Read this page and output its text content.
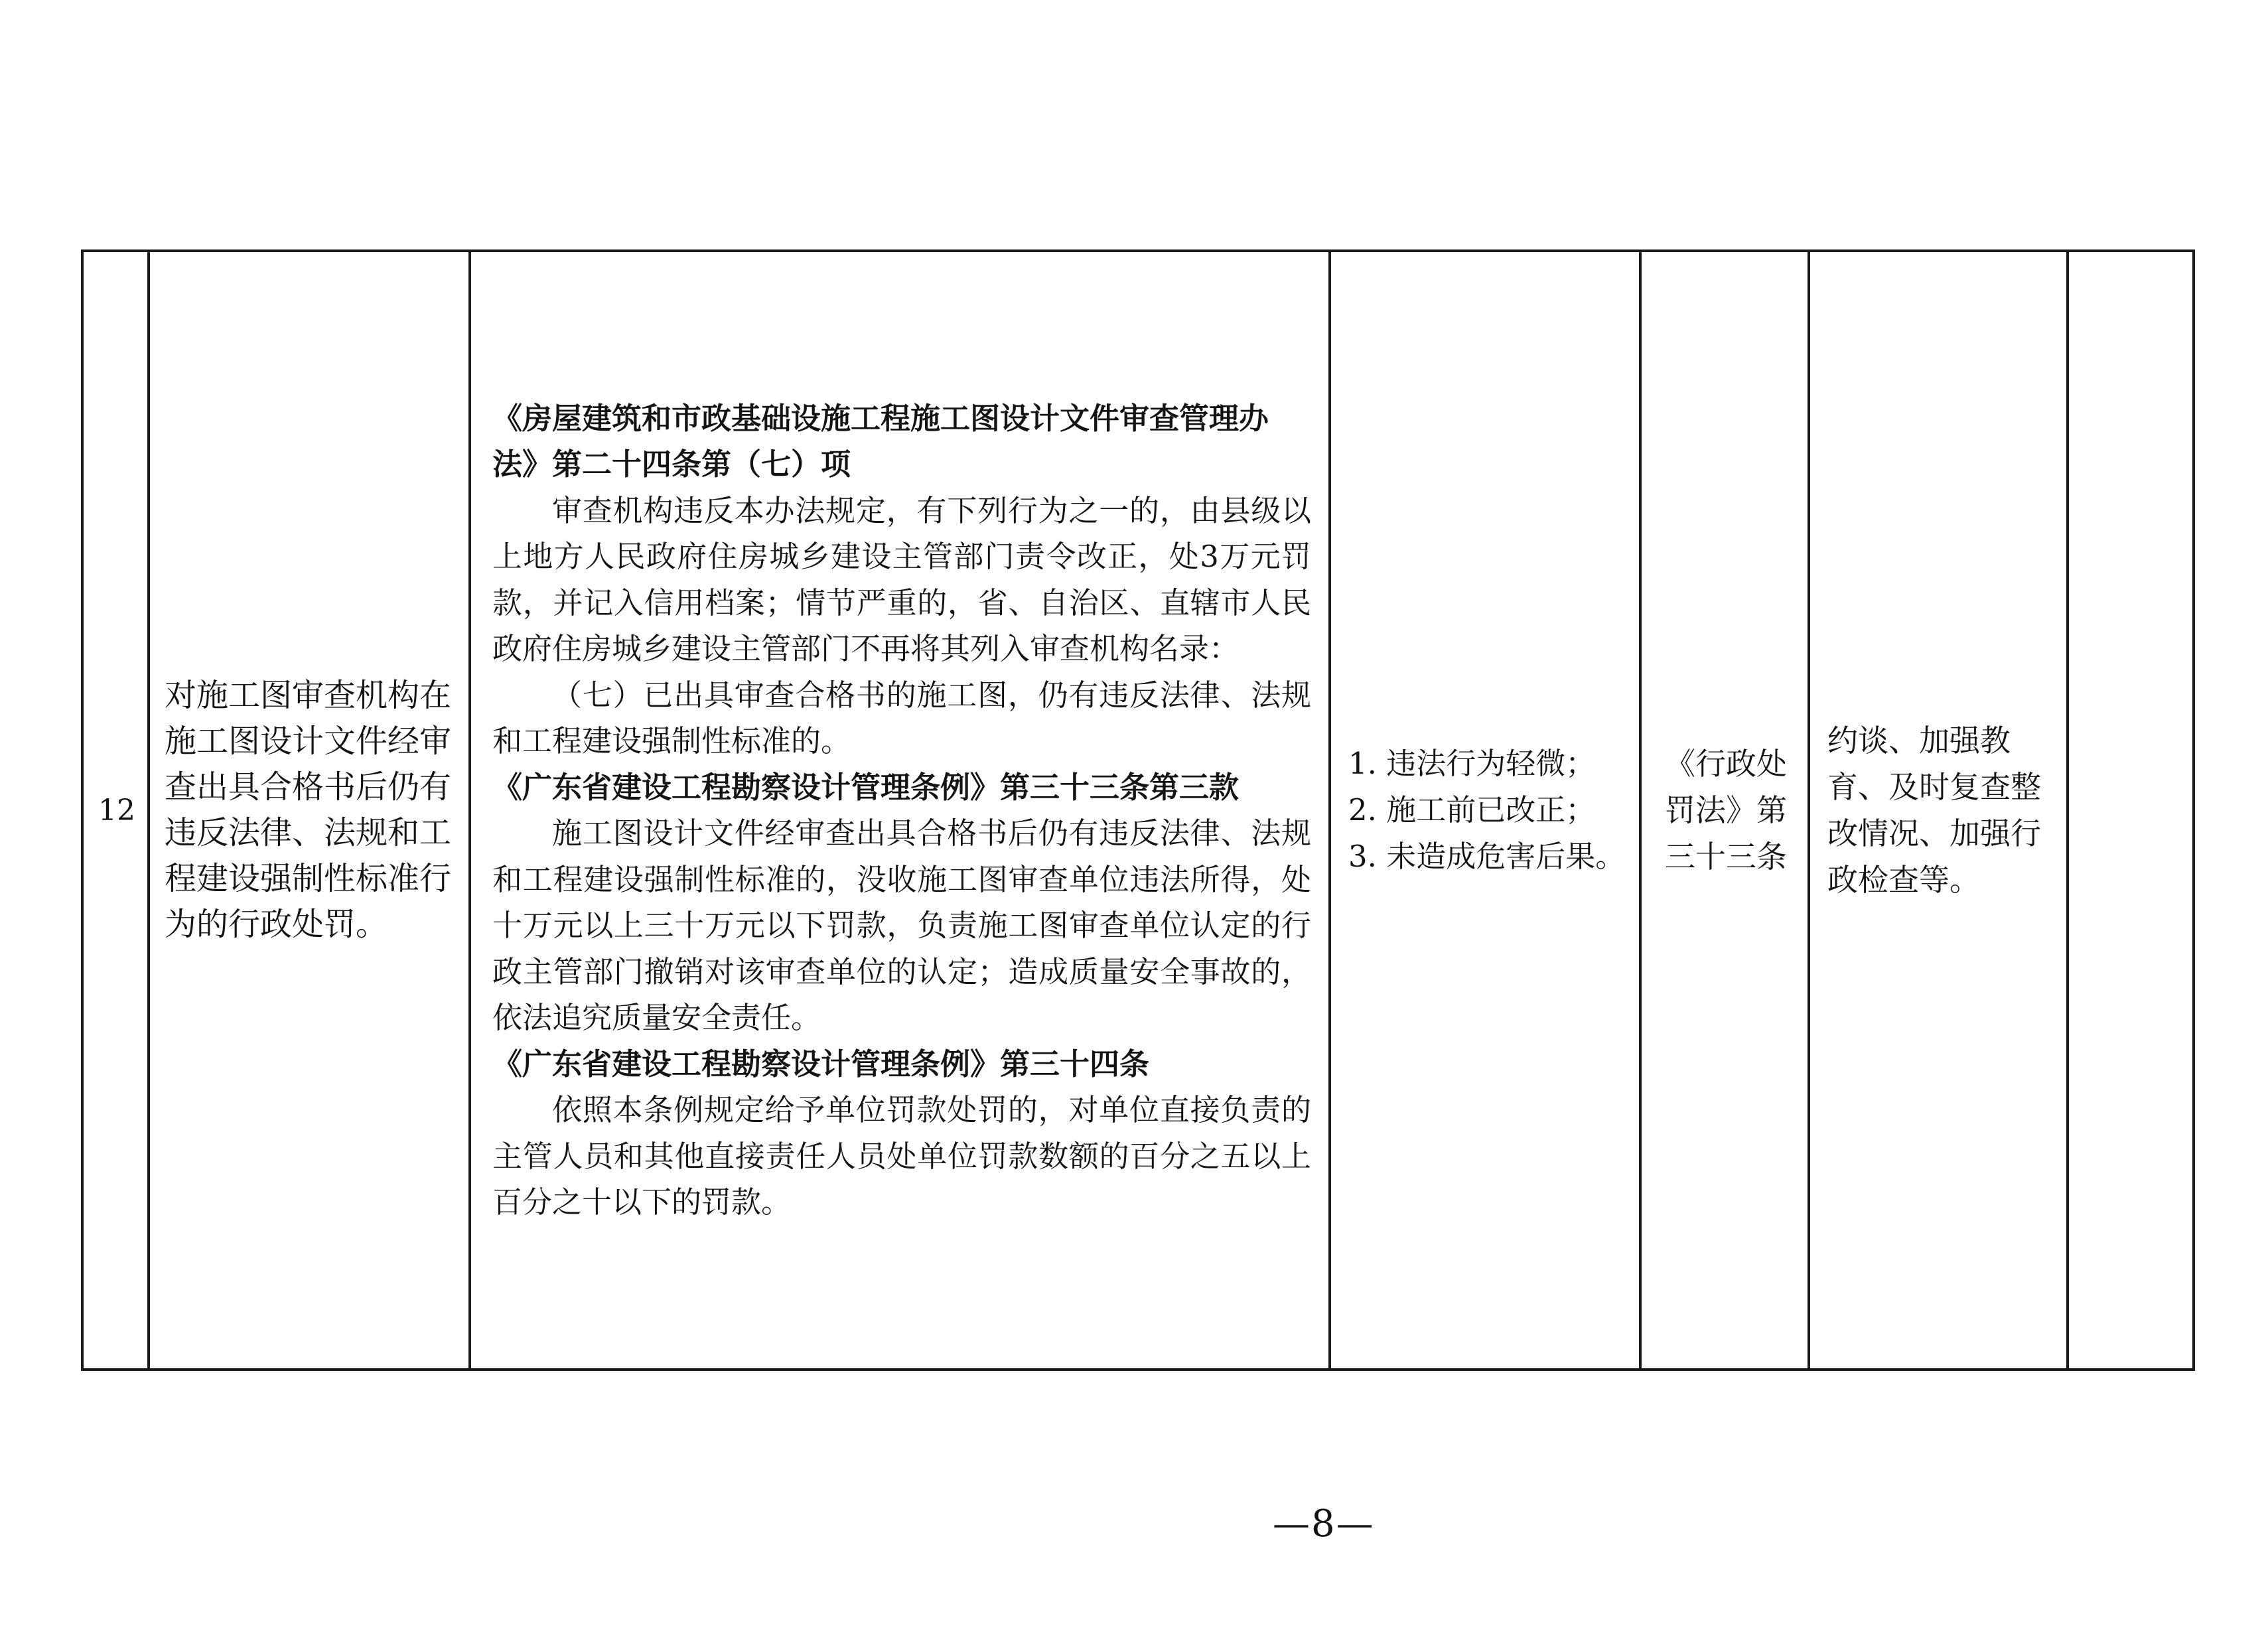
12
对施工图审查机构在施工图设计文件经审查出具合格书后仍有违反法律、法规和工程建设强制性标准行为的行政处罚。

《房屋建筑和市政基础设施工程施工图设计文件审查管理办法》第二十四条第（七）项

审查机构违反本办法规定，有下列行为之一的，由县级以上地方人民政府住房城乡建设主管部门责令改正，处3万元罚款，并记入信用档案；情节严重的，省、自治区、直辖市人民政府住房城乡建设主管部门不再将其列入审查机构名录：

（七）已出具审查合格书的施工图，仍有违反法律、法规和工程建设强制性标准的。

《广东省建设工程勘察设计管理条例》第三十三条第三款

施工图设计文件经审查出具合格书后仍有违反法律、法规和工程建设强制性标准的，没收施工图审查单位违法所得，处十万元以上三十万元以下罚款，负责施工图审查单位认定的行政主管部门撤销对该审查单位的认定；造成质量安全事故的，依法追究质量安全责任。

《广东省建设工程勘察设计管理条例》第三十四条

依照本条例规定给予单位罚款处罚的，对单位直接负责的主管人员和其他直接责任人员处单位罚款数额的百分之五以上百分之十以下的罚款。

1. 违法行为轻微；

2. 施工前已改正；

3. 未造成危害后果。

《行政处罚法》第三十三条
约谈、加强教育、及时复查整改情况、加强行政检查等。
—8—
